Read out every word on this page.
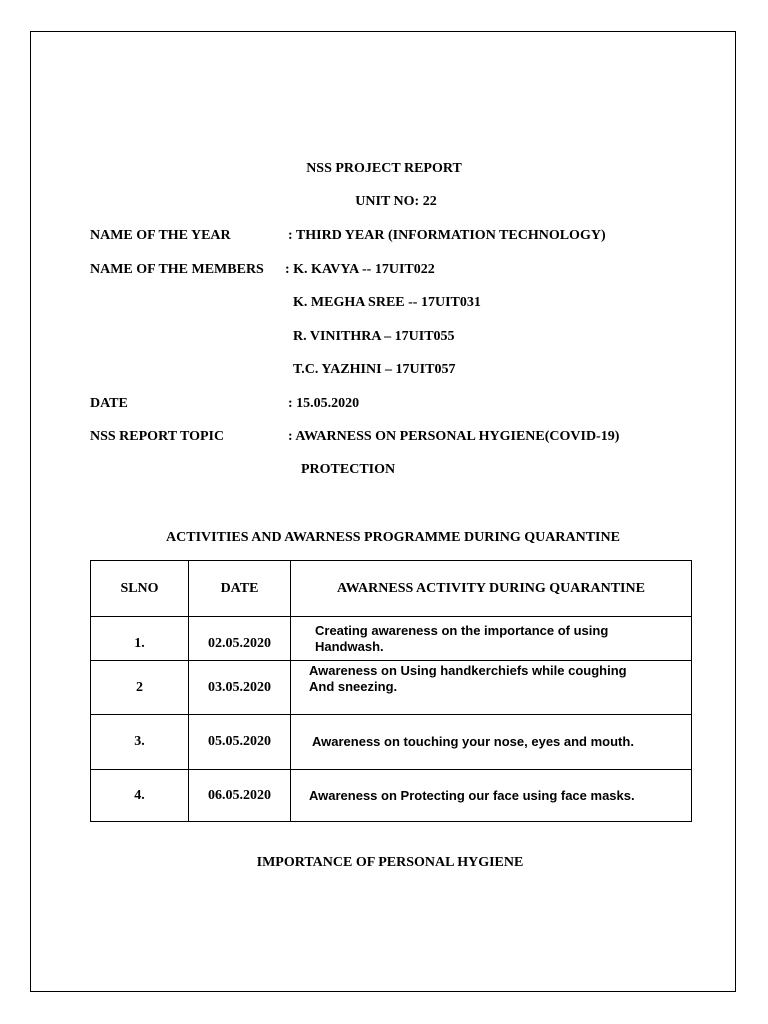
NSS PROJECT REPORT
UNIT NO: 22
NAME OF THE YEAR	: THIRD YEAR (INFORMATION TECHNOLOGY)
NAME OF THE MEMBERS : K. KAVYA -- 17UIT022
K. MEGHA SREE -- 17UIT031
R. VINITHRA – 17UIT055
T.C. YAZHINI – 17UIT057
DATE	: 15.05.2020
NSS REPORT TOPIC	: AWARNESS ON PERSONAL HYGIENE(COVID-19)
PROTECTION
ACTIVITIES AND AWARNESS PROGRAMME DURING QUARANTINE
SLNO	DATE	AWARNESS ACTIVITY DURING QUARANTINE
1.	02.05.2020	Creating awareness on the importance of using
Handwash.

2	03.05.2020	Awareness on Using handkerchiefs while coughing
And sneezing.

3.	05.05.2020	Awareness on touching your nose, eyes and mouth.

4.	06.05.2020	Awareness on Protecting our face using face masks.
IMPORTANCE OF PERSONAL HYGIENE
